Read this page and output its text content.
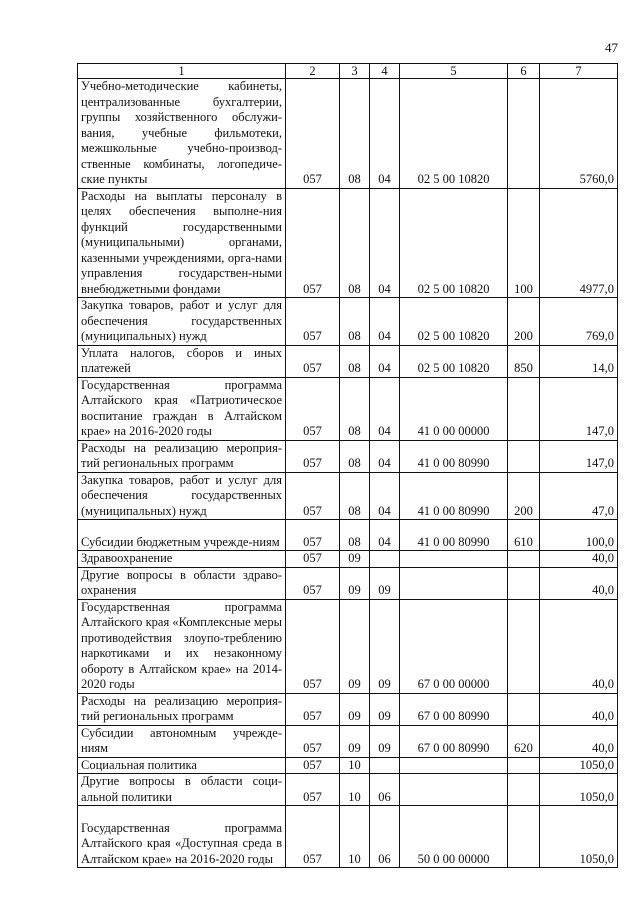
47
1	2	3	4	5	6	7
Учебно-методические кабинеты, централизованные бухгалтерии, группы хозяйственного обслужи-вания, учебные фильмотеки, межшкольные учебно-производ-ственные комбинаты, логопедиче-ские пункты	057	08	04	02 5 00 10820		5760,0
Расходы на выплаты персоналу в целях обеспечения выполне-ния функций государственными (муниципальными) органами, казенными учреждениями, орга-нами управления государствен-ными внебюджетными фондами	057	08	04	02 5 00 10820	100	4977,0
Закупка товаров, работ и услуг для обеспечения государственных (муниципальных) нужд	057	08	04	02 5 00 10820	200	769,0
Уплата налогов, сборов и иных платежей	057	08	04	02 5 00 10820	850	14,0
Государственная программа Алтайского края «Патриотическое воспитание граждан в Алтайском крае» на 2016-2020 годы	057	08	04	41 0 00 00000		147,0
Расходы на реализацию мероприя-тий региональных программ	057	08	04	41 0 00 80990		147,0
Закупка товаров, работ и услуг для обеспечения государственных (муниципальных) нужд	057	08	04	41 0 00 80990	200	47,0
Субсидии бюджетным учрежде-ниям	057	08	04	41 0 00 80990	610	100,0
Здравоохранение	057	09				40,0
Другие вопросы в области здраво-охранения	057	09	09			40,0
Государственная программа Алтайского края «Комплексные меры противодействия злоупо-треблению наркотиками и их незаконному обороту в Алтайском крае» на 2014-2020 годы	057	09	09	67 0 00 00000		40,0
Расходы на реализацию мероприя-тий региональных программ	057	09	09	67 0 00 80990		40,0
Субсидии автономным учрежде-ниям	057	09	09	67 0 00 80990	620	40,0
Социальная политика	057	10				1050,0
Другие вопросы в области соци-альной политики	057	10	06			1050,0
Государственная программа Алтайского края «Доступная среда в Алтайском крае» на 2016-2020 годы	057	10	06	50 0 00 00000		1050,0
